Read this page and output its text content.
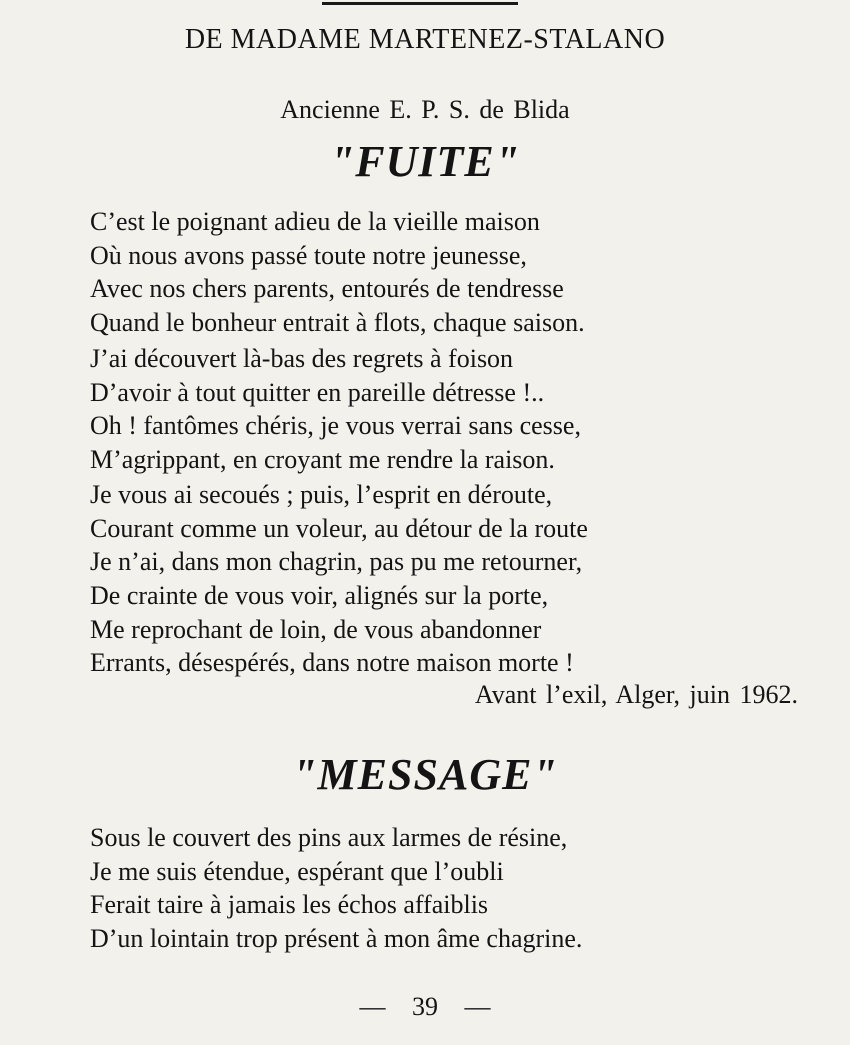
DE MADAME MARTENEZ-STALANO
Ancienne E. P. S. de Blida
"FUITE"
C’est le poignant adieu de la vieille maison
Où nous avons passé toute notre jeunesse,
Avec nos chers parents, entourés de tendresse
Quand le bonheur entrait à flots, chaque saison.
J’ai découvert là-bas des regrets à foison
D’avoir à tout quitter en pareille détresse !..
Oh ! fantômes chéris, je vous verrai sans cesse,
M’agrippant, en croyant me rendre la raison.
Je vous ai secoués ; puis, l’esprit en déroute,
Courant comme un voleur, au détour de la route
Je n’ai, dans mon chagrin, pas pu me retourner,
De crainte de vous voir, alignés sur la porte,
Me reprochant de loin, de vous abandonner
Errants, désespérés, dans notre maison morte !
Avant l’exil, Alger, juin 1962.
"MESSAGE"
Sous le couvert des pins aux larmes de résine,
Je me suis étendue, espérant que l’oubli
Ferait taire à jamais les échos affaiblis
D’un lointain trop présent à mon âme chagrine.
— 39 —
